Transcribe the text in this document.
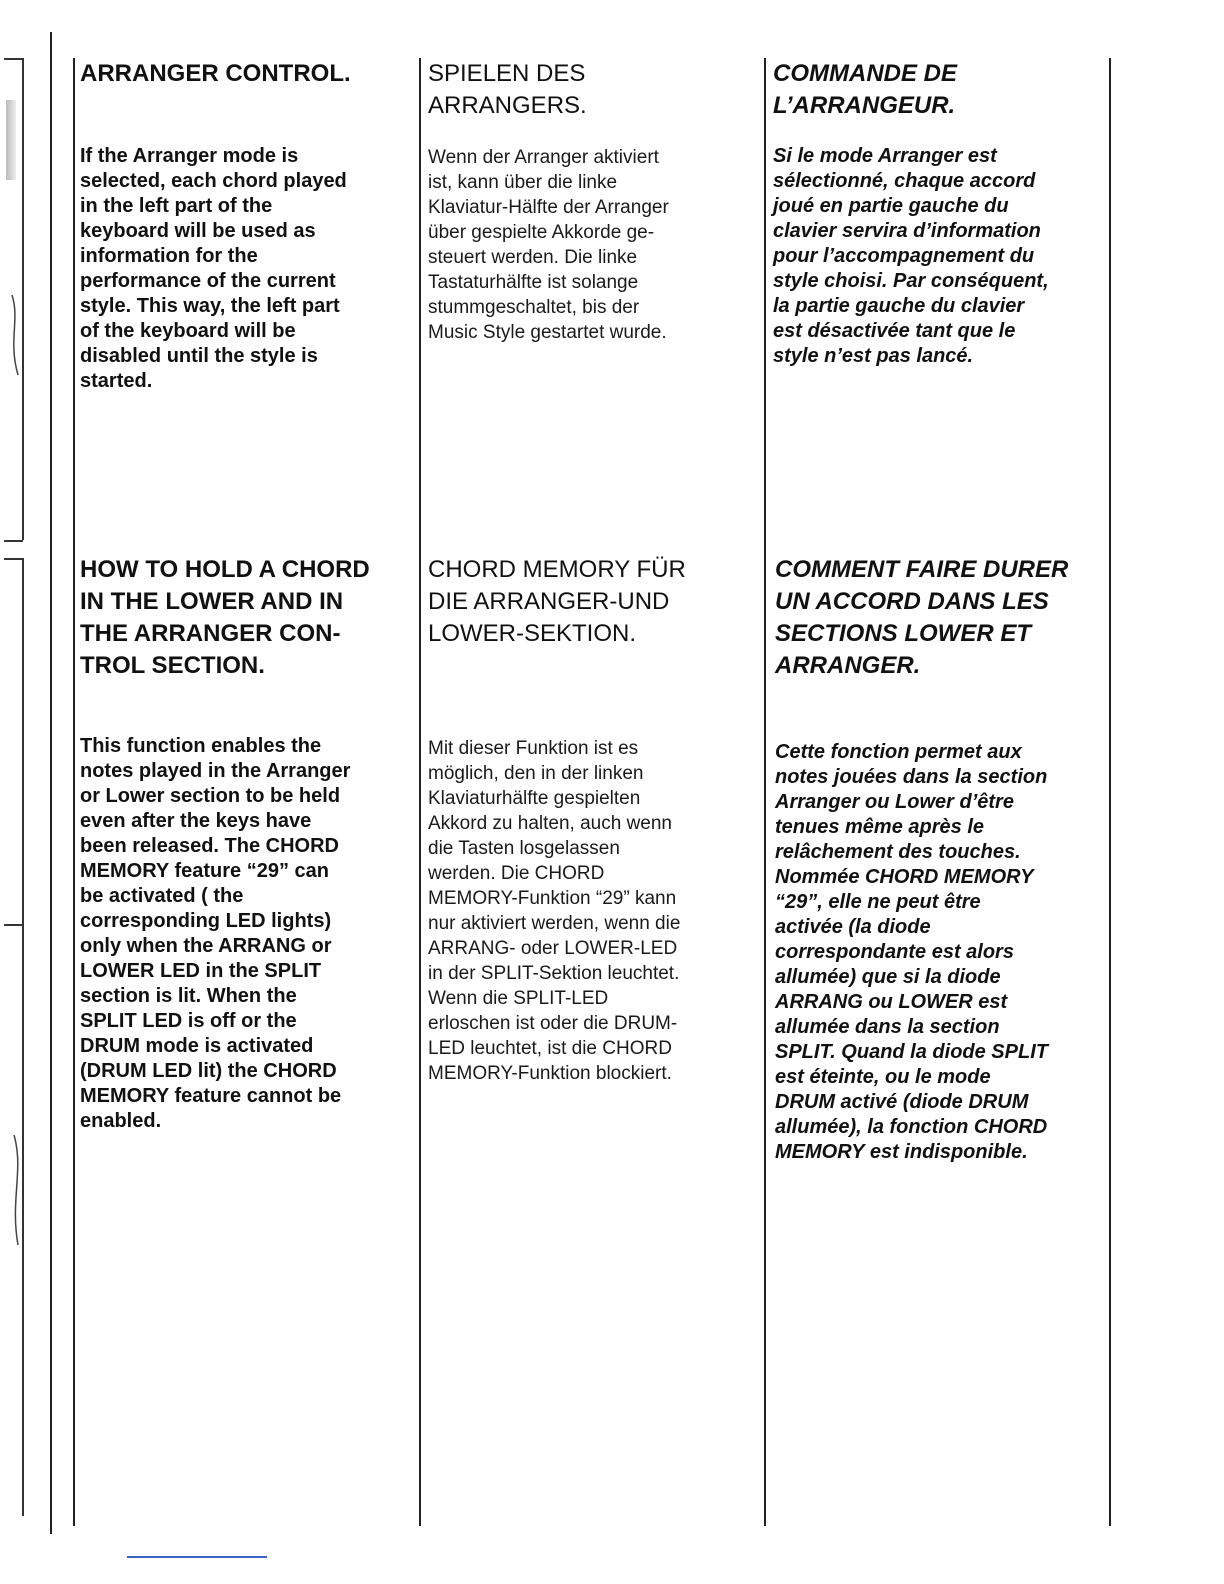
ARRANGER CONTROL.

If the Arranger mode is
selected, each chord played
in the left part of the
keyboard will be used as
information for the
performance of the current
style. This way, the left part
of the keyboard will be
disabled until the style is
started.

SPIELEN DES
ARRANGERS.

Wenn der Arranger aktiviert
ist, kann über die linke
Klaviatur-Hälfte der Arranger
über gespielte Akkorde ge-
steuert werden. Die linke
Tastaturhälfte ist solange
stummgeschaltet, bis der
Music Style gestartet wurde.

COMMANDE DE
L’ARRANGEUR.

Si le mode Arranger est
sélectionné, chaque accord
joué en partie gauche du
clavier servira d’information
pour l’accompagnement du
style choisi. Par conséquent,
la partie gauche du clavier
est désactivée tant que le
style n’est pas lancé.

HOW TO HOLD A CHORD
IN THE LOWER AND IN
THE ARRANGER CON-
TROL SECTION.

This function enables the
notes played in the Arranger
or Lower section to be held
even after the keys have
been released. The CHORD
MEMORY feature “29” can
be activated ( the
corresponding LED lights)
only when the ARRANG or
LOWER LED in the SPLIT
section is lit. When the
SPLIT LED is off or the
DRUM mode is activated
(DRUM LED lit) the CHORD
MEMORY feature cannot be
enabled.

CHORD MEMORY FÜR
DIE ARRANGER-UND
LOWER-SEKTION.

Mit dieser Funktion ist es
möglich, den in der linken
Klaviaturhälfte gespielten
Akkord zu halten, auch wenn
die Tasten losgelassen
werden. Die CHORD
MEMORY-Funktion “29” kann
nur aktiviert werden, wenn die
ARRANG- oder LOWER-LED
in der SPLIT-Sektion leuchtet.
Wenn die SPLIT-LED
erloschen ist oder die DRUM-
LED leuchtet, ist die CHORD
MEMORY-Funktion blockiert.

COMMENT FAIRE DURER
UN ACCORD DANS LES
SECTIONS LOWER ET
ARRANGER.

Cette fonction permet aux
notes jouées dans la section
Arranger ou Lower d’être
tenues même après le
relâchement des touches.
Nommée CHORD MEMORY
“29”, elle ne peut être
activée (la diode
correspondante est alors
allumée) que si la diode
ARRANG ou LOWER est
allumée dans la section
SPLIT. Quand la diode SPLIT
est éteinte, ou le mode
DRUM activé (diode DRUM
allumée), la fonction CHORD
MEMORY est indisponible.
